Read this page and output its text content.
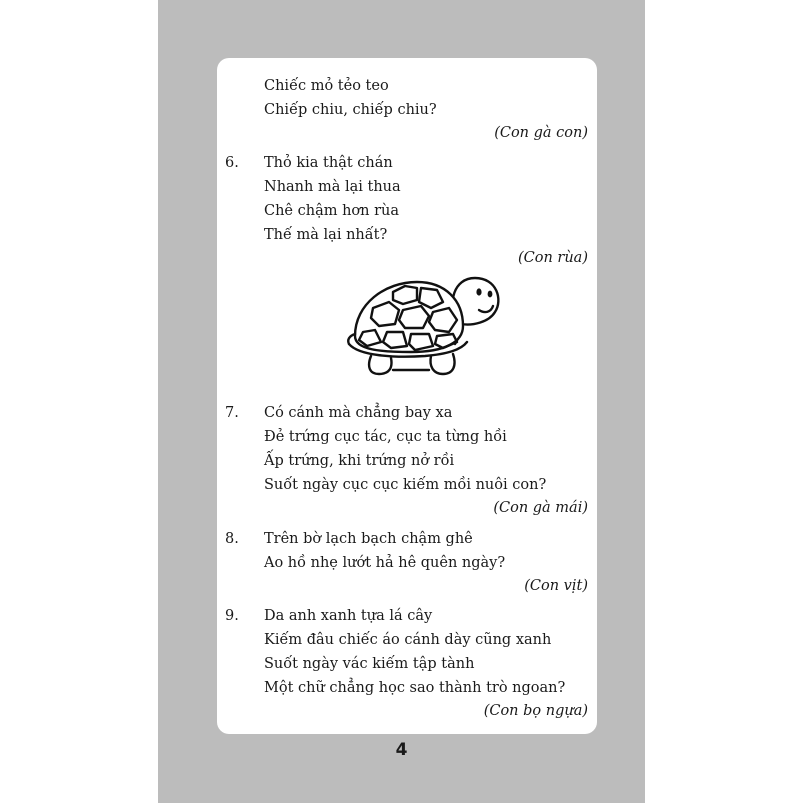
Chiếc mỏ tẻo teo
Chiếp chiu, chiếp chiu?
(Con gà con)
6. Thỏ kia thật chán
Nhanh mà lại thua
Chê chậm hơn rùa
Thế mà lại nhất?
(Con rùa)
7. Có cánh mà chẳng bay xa
Đẻ trứng cục tác, cục ta từng hồi
Ấp trứng, khi trứng nở rồi
Suốt ngày cục cục kiếm mồi nuôi con?
(Con gà mái)
8. Trên bờ lạch bạch chậm ghê
Ao hồ nhẹ lướt hả hê quên ngày?
(Con vịt)
9. Da anh xanh tựa lá cây
Kiếm đâu chiếc áo cánh dày cũng xanh
Suốt ngày vác kiếm tập tành
Một chữ chẳng học sao thành trò ngoan?
(Con bọ ngựa)
4
